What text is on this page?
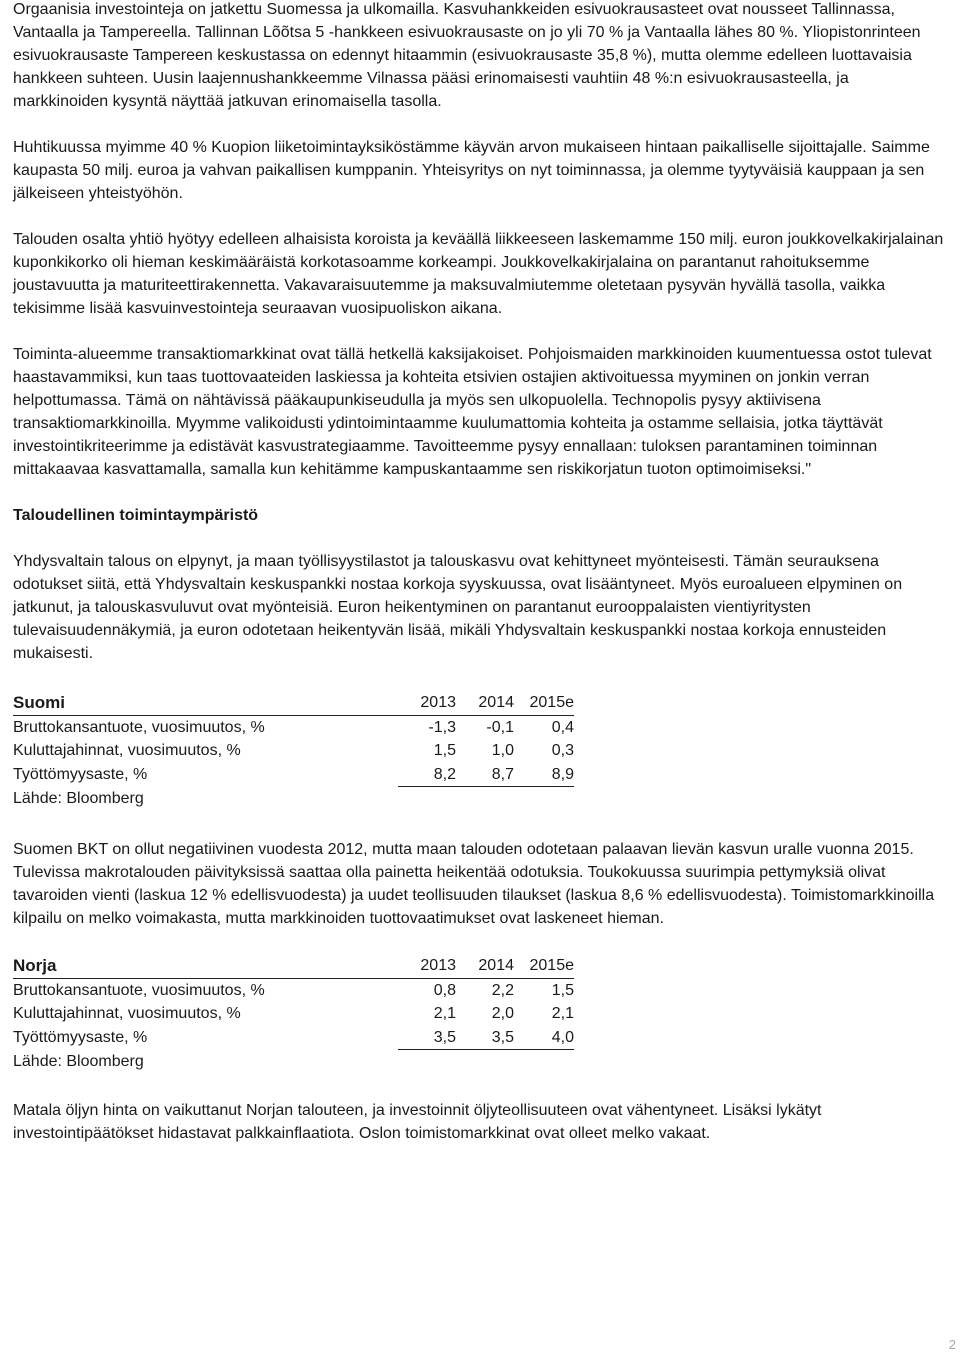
Orgaanisia investointeja on jatkettu Suomessa ja ulkomailla. Kasvuhankkeiden esivuokrausasteet ovat nousseet Tallinnassa, Vantaalla ja Tampereella. Tallinnan Lõõtsa 5 -hankkeen esivuokrausaste on jo yli 70 % ja Vantaalla lähes 80 %. Yliopistonrinteen esivuokrausaste Tampereen keskustassa on edennyt hitaammin (esivuokrausaste 35,8 %), mutta olemme edelleen luottavaisia hankkeen suhteen. Uusin laajennushankkeemme Vilnassa pääsi erinomaisesti vauhtiin 48 %:n esivuokrausasteella, ja markkinoiden kysyntä näyttää jatkuvan erinomaisella tasolla.

Huhtikuussa myimme 40 % Kuopion liiketoimintayksiköstämme käyvän arvon mukaiseen hintaan paikalliselle sijoittajalle. Saimme kaupasta 50 milj. euroa ja vahvan paikallisen kumppanin. Yhteisyritys on nyt toiminnassa, ja olemme tyytyväisiä kauppaan ja sen jälkeiseen yhteistyöhön.

Talouden osalta yhtiö hyötyy edelleen alhaisista koroista ja keväällä liikkeeseen laskemamme 150 milj. euron joukkovelkakirjalainan kuponkikorko oli hieman keskimääräistä korkotasoamme korkeampi. Joukkovelkakirjalaina on parantanut rahoituksemme joustavuutta ja maturiteettirakennetta. Vakavaraisuutemme ja maksuvalmiutemme oletetaan pysyvän hyvällä tasolla, vaikka tekisimme lisää kasvuinvestointeja seuraavan vuosipuoliskon aikana.

Toiminta-alueemme transaktiomarkkinat ovat tällä hetkellä kaksijakoiset. Pohjoismaiden markkinoiden kuumentuessa ostot tulevat haastavammiksi, kun taas tuottovaateiden laskiessa ja kohteita etsivien ostajien aktivoituessa myyminen on jonkin verran helpottumassa. Tämä on nähtävissä pääkaupunkiseudulla ja myös sen ulkopuolella. Technopolis pysyy aktiivisena transaktiomarkkinoilla. Myymme valikoidusti ydintoimintaamme kuulumattomia kohteita ja ostamme sellaisia, jotka täyttävät investointikriteerimme ja edistävät kasvustrategiaamme. Tavoitteemme pysyy ennallaan: tuloksen parantaminen toiminnan mittakaavaa kasvattamalla, samalla kun kehitämme kampuskantaamme sen riskikorjatun tuoton optimoimiseksi."

Taloudellinen toimintaympäristö

Yhdysvaltain talous on elpynyt, ja maan työllisyystilastot ja talouskasvu ovat kehittyneet myönteisesti. Tämän seurauksena odotukset siitä, että Yhdysvaltain keskuspankki nostaa korkoja syyskuussa, ovat lisääntyneet. Myös euroalueen elpyminen on jatkunut, ja talouskasvuluvut ovat myönteisiä. Euron heikentyminen on parantanut eurooppalaisten vientiyritysten tulevaisuudennäkymiä, ja euron odotetaan heikentyvän lisää, mikäli Yhdysvaltain keskuspankki nostaa korkoja ennusteiden mukaisesti.

Suomi	2013	2014	2015e
Bruttokansantuote, vuosimuutos, %	-1,3	-0,1	0,4
Kuluttajahinnat, vuosimuutos, %	1,5	1,0	0,3
Työttömyysaste, %	8,2	8,7	8,9
Lähde: Bloomberg

Suomen BKT on ollut negatiivinen vuodesta 2012, mutta maan talouden odotetaan palaavan lievän kasvun uralle vuonna 2015. Tulevissa makrotalouden päivityksissä saattaa olla painetta heikentää odotuksia. Toukokuussa suurimpia pettymyksiä olivat tavaroiden vienti (laskua 12 % edellisvuodesta) ja uudet teollisuuden tilaukset (laskua 8,6 % edellisvuodesta). Toimistomarkkinoilla kilpailu on melko voimakasta, mutta markkinoiden tuottovaatimukset ovat laskeneet hieman.

Norja	2013	2014	2015e
Bruttokansantuote, vuosimuutos, %	0,8	2,2	1,5
Kuluttajahinnat, vuosimuutos, %	2,1	2,0	2,1
Työttömyysaste, %	3,5	3,5	4,0
Lähde: Bloomberg

Matala öljyn hinta on vaikuttanut Norjan talouteen, ja investoinnit öljyteollisuuteen ovat vähentyneet. Lisäksi lykätyt investointipäätökset hidastavat palkkainflaatiota. Oslon toimistomarkkinat ovat olleet melko vakaat.

2
